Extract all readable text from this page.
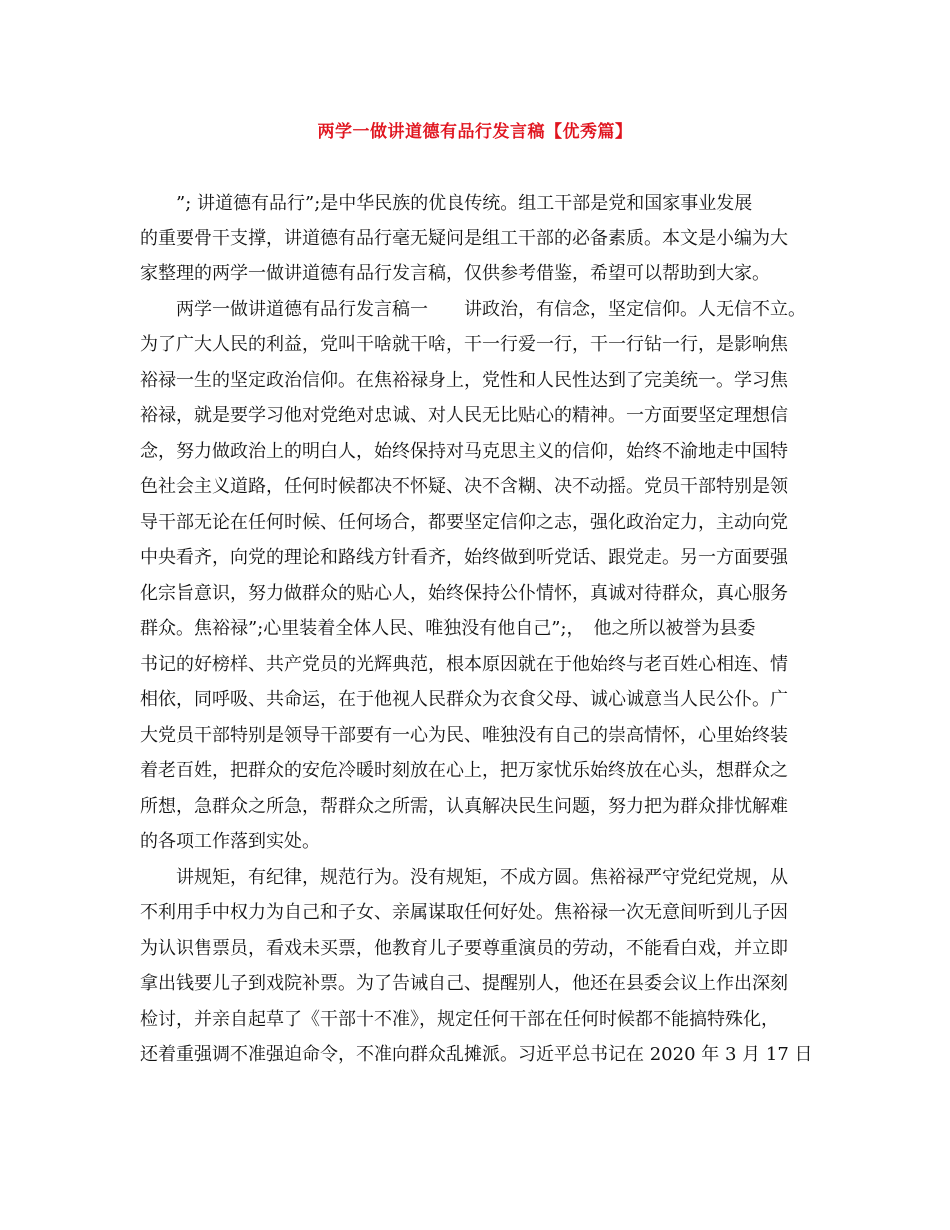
两学一做讲道德有品行发言稿【优秀篇】
　　”; 讲道德有品行”;是中华民族的优良传统。组工干部是党和国家事业发展
的重要骨干支撑，讲道德有品行毫无疑问是组工干部的必备素质。本文是小编为大
家整理的两学一做讲道德有品行发言稿，仅供参考借鉴，希望可以帮助到大家。
　　两学一做讲道德有品行发言稿一　　讲政治，有信念，坚定信仰。人无信不立。
为了广大人民的利益，党叫干啥就干啥，干一行爱一行，干一行钻一行，是影响焦
裕禄一生的坚定政治信仰。在焦裕禄身上，党性和人民性达到了完美统一。学习焦
裕禄，就是要学习他对党绝对忠诚、对人民无比贴心的精神。一方面要坚定理想信
念，努力做政治上的明白人，始终保持对马克思主义的信仰，始终不渝地走中国特
色社会主义道路，任何时候都决不怀疑、决不含糊、决不动摇。党员干部特别是领
导干部无论在任何时候、任何场合，都要坚定信仰之志，强化政治定力，主动向党
中央看齐，向党的理论和路线方针看齐，始终做到听党话、跟党走。另一方面要强
化宗旨意识，努力做群众的贴心人，始终保持公仆情怀，真诚对待群众，真心服务
群众。焦裕禄”;心里装着全体人民、唯独没有他自己”;，　他之所以被誉为县委
书记的好榜样、共产党员的光辉典范，根本原因就在于他始终与老百姓心相连、情
相依，同呼吸、共命运，在于他视人民群众为衣食父母、诚心诚意当人民公仆。广
大党员干部特别是领导干部要有一心为民、唯独没有自己的崇高情怀，心里始终装
着老百姓，把群众的安危冷暖时刻放在心上，把万家忧乐始终放在心头，想群众之
所想，急群众之所急，帮群众之所需，认真解决民生问题，努力把为群众排忧解难
的各项工作落到实处。
　　讲规矩，有纪律，规范行为。没有规矩，不成方圆。焦裕禄严守党纪党规，从
不利用手中权力为自己和子女、亲属谋取任何好处。焦裕禄一次无意间听到儿子因
为认识售票员，看戏未买票，他教育儿子要尊重演员的劳动，不能看白戏，并立即
拿出钱要儿子到戏院补票。为了告诫自己、提醒别人，他还在县委会议上作出深刻
检讨，并亲自起草了《干部十不准》，规定任何干部在任何时候都不能搞特殊化，
还着重强调不准强迫命令，不准向群众乱摊派。习近平总书记在 2020 年 3 月 17 日
